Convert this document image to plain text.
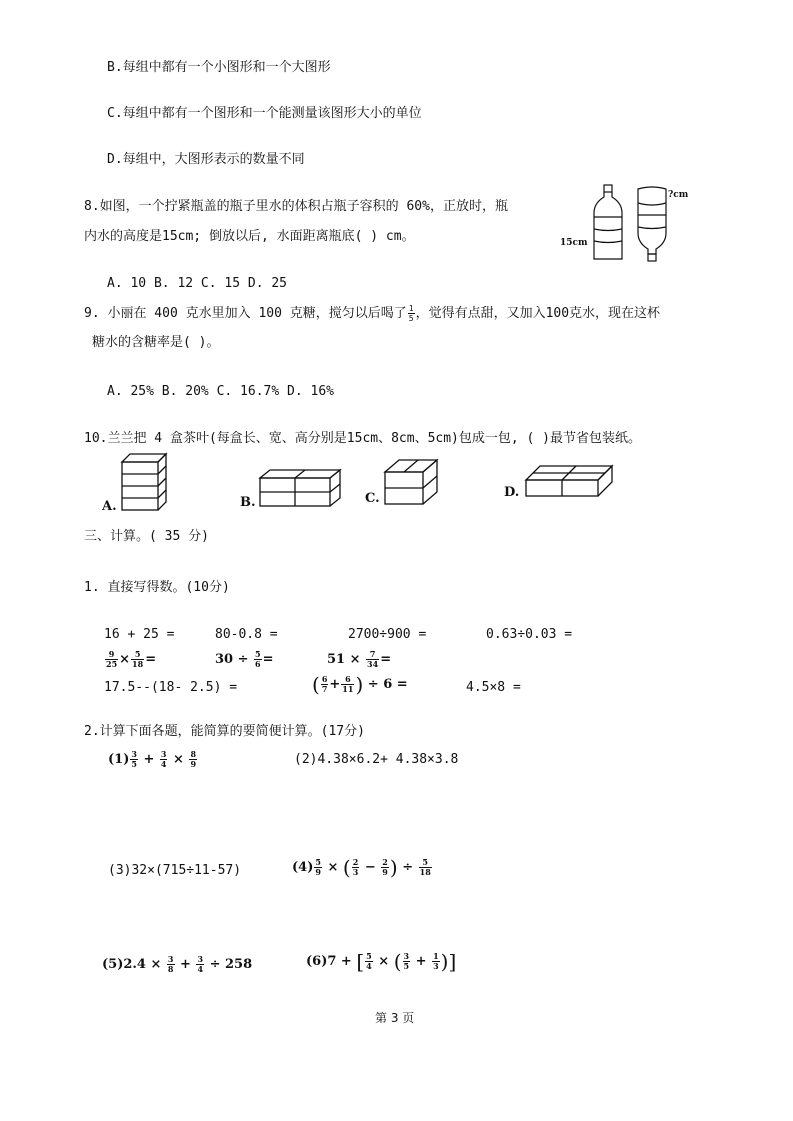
B.每组中都有一个小图形和一个大图形
C.每组中都有一个图形和一个能测量该图形大小的单位
D.每组中，大图形表示的数量不同
8.如图，一个拧紧瓶盖的瓶子里水的体积占瓶子容积的 60%，正放时，瓶
内水的高度是15cm; 倒放以后, 水面距离瓶底( ) cm。
A. 10 B. 12 C. 15 D. 25
15cm
?cm
9. 小丽在 400 克水里加入 100 克糖，搅匀以后喝了 $\frac{1}{5}$ ，觉得有点甜，又加入100克水，现在这杯
糖水的含糖率是( )。
A. 25% B. 20% C. 16.7% D. 16%
10.兰兰把 4 盒茶叶(每盒长、宽、高分别是15cm、8cm、5cm)包成一包, ( )最节省包装纸。
A.	B.	C.	D.
三、计算。( 35 分)
1. 直接写得数。(10分)
16 + 25 =	80-0.8 =	2700÷900 =	0.63÷0.03 =
$\frac{9}{25} \times \frac{5}{18}$ =	$30 \div \frac{5}{6}$ =	$51 \times \frac{7}{34}$ =
17.5--(18- 2.5) =	( $\frac{6}{7} + \frac{6}{11}$ ) ÷ 6 =	4.5×8 =
2.计算下面各题，能简算的要简便计算。(17分)
$(1) \frac{3}{5} + \frac{3}{4} \times \frac{8}{9}$	(2)4.38×6.2+ 4.38×3.8
(3)32×(715÷11-57)	$(4) \frac{5}{9}$ × ( $\frac{2}{3} - \frac{2}{9}$ ) ÷ $\frac{5}{18}$
$(5)2.4 \times \frac{3}{8} + \frac{3}{4} \div 258$	(6)7 + [ $\frac{5}{4}$ × ( $\frac{3}{5} + \frac{1}{3}$ )]
第 3 页
